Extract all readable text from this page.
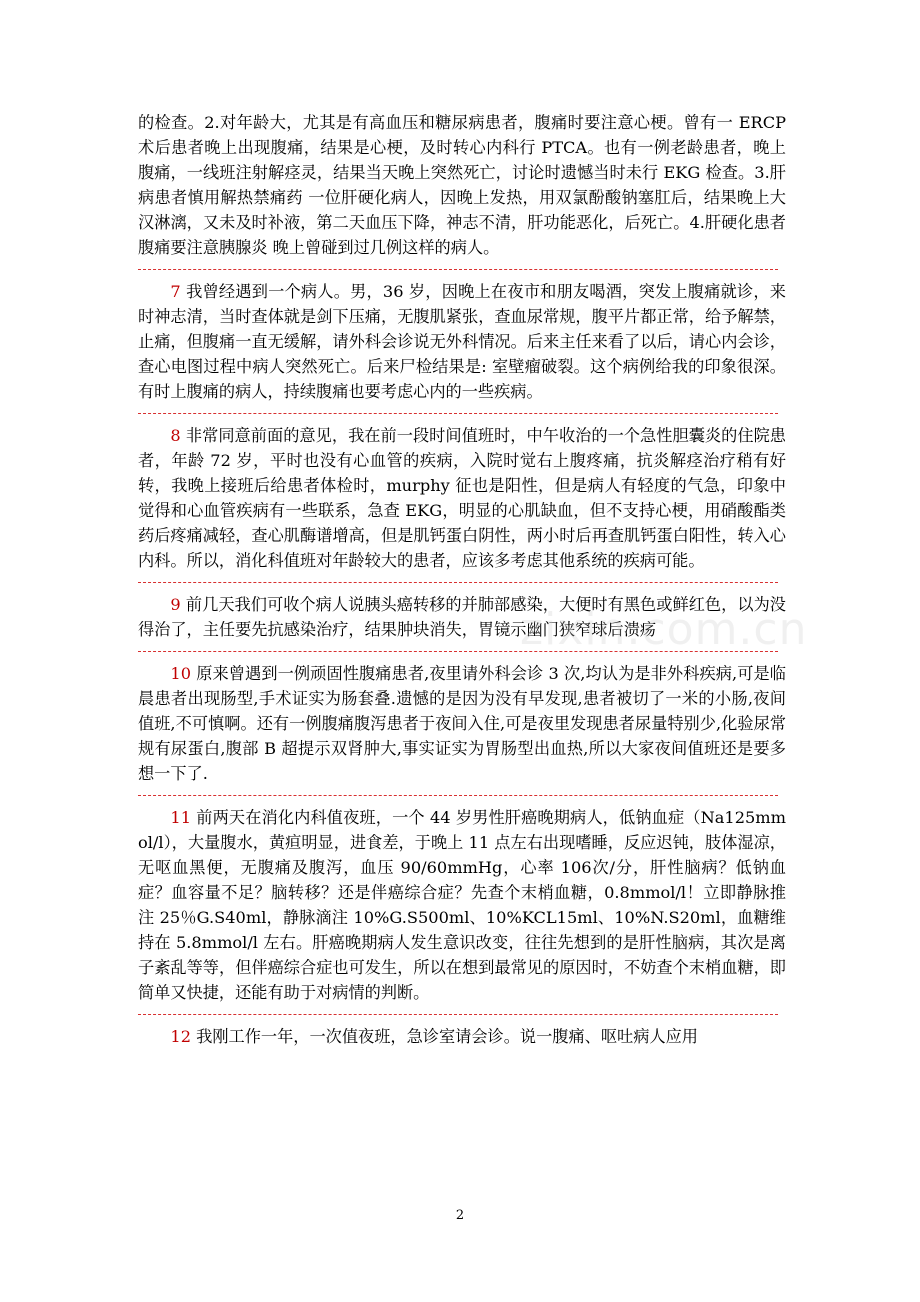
的检查。2.对年龄大，尤其是有高血压和糖尿病患者，腹痛时要注意心梗。曾有一 ERCP 术后患者晚上出现腹痛，结果是心梗，及时转心内科行 PTCA。也有一例老龄患者，晚上腹痛，一线班注射解痉灵，结果当天晚上突然死亡，讨论时遗憾当时未行 EKG 检查。3.肝病患者慎用解热禁痛药 一位肝硬化病人，因晚上发热，用双氯酚酸钠塞肛后，结果晚上大汉淋漓，又未及时补液，第二天血压下降，神志不清，肝功能恶化，后死亡。4.肝硬化患者腹痛要注意胰腺炎 晚上曾碰到过几例这样的病人。

7 我曾经遇到一个病人。男，36 岁，因晚上在夜市和朋友喝酒，突发上腹痛就诊，来时神志清，当时查体就是剑下压痛，无腹肌紧张，查血尿常规，腹平片都正常，给予解禁，止痛，但腹痛一直无缓解，请外科会诊说无外科情况。后来主任来看了以后，请心内会诊，查心电图过程中病人突然死亡。后来尸检结果是: 室壁瘤破裂。这个病例给我的印象很深。有时上腹痛的病人，持续腹痛也要考虑心内的一些疾病。

8 非常同意前面的意见，我在前一段时间值班时，中午收治的一个急性胆囊炎的住院患者，年龄 72 岁，平时也没有心血管的疾病，入院时觉右上腹疼痛，抗炎解痉治疗稍有好转，我晚上接班后给患者体检时，murphy 征也是阳性，但是病人有轻度的气急，印象中觉得和心血管疾病有一些联系，急查 EKG，明显的心肌缺血，但不支持心梗，用硝酸酯类药后疼痛减轻，查心肌酶谱增高，但是肌钙蛋白阴性，两小时后再查肌钙蛋白阳性，转入心内科。所以，消化科值班对年龄较大的患者，应该多考虑其他系统的疾病可能。

9 前几天我们可收个病人说胰头癌转移的并肺部感染，大便时有黑色或鲜红色，以为没得治了，主任要先抗感染治疗，结果肿块消失，胃镜示幽门狭窄球后溃疡

10 原来曾遇到一例顽固性腹痛患者,夜里请外科会诊 3 次,均认为是非外科疾病,可是临晨患者出现肠型,手术证实为肠套叠.遗憾的是因为没有早发现,患者被切了一米的小肠,夜间值班,不可慎啊。还有一例腹痛腹泻患者于夜间入住,可是夜里发现患者尿量特别少,化验尿常规有尿蛋白,腹部 B 超提示双肾肿大,事实证实为胃肠型出血热,所以大家夜间值班还是要多想一下了.

11 前两天在消化内科值夜班，一个 44 岁男性肝癌晚期病人，低钠血症（Na125mmol/l），大量腹水，黄疸明显，进食差，于晚上 11 点左右出现嗜睡，反应迟钝，肢体湿凉，无呕血黑便，无腹痛及腹泻，血压 90/60mmHg，心率 106次/分，肝性脑病？低钠血症？血容量不足？脑转移？还是伴癌综合症？先查个末梢血糖，0.8mmol/l！立即静脉推注 25％G.S40ml，静脉滴注 10%G.S500ml、10%KCL15ml、10%N.S20ml，血糖维持在 5.8mmol/l 左右。肝癌晚期病人发生意识改变，往往先想到的是肝性脑病，其次是离子紊乱等等，但伴癌综合症也可发生，所以在想到最常见的原因时，不妨查个末梢血糖，即简单又快捷，还能有助于对病情的判断。

12 我刚工作一年，一次值夜班，急诊室请会诊。说一腹痛、呕吐病人应用

zixin.com.cn
2
